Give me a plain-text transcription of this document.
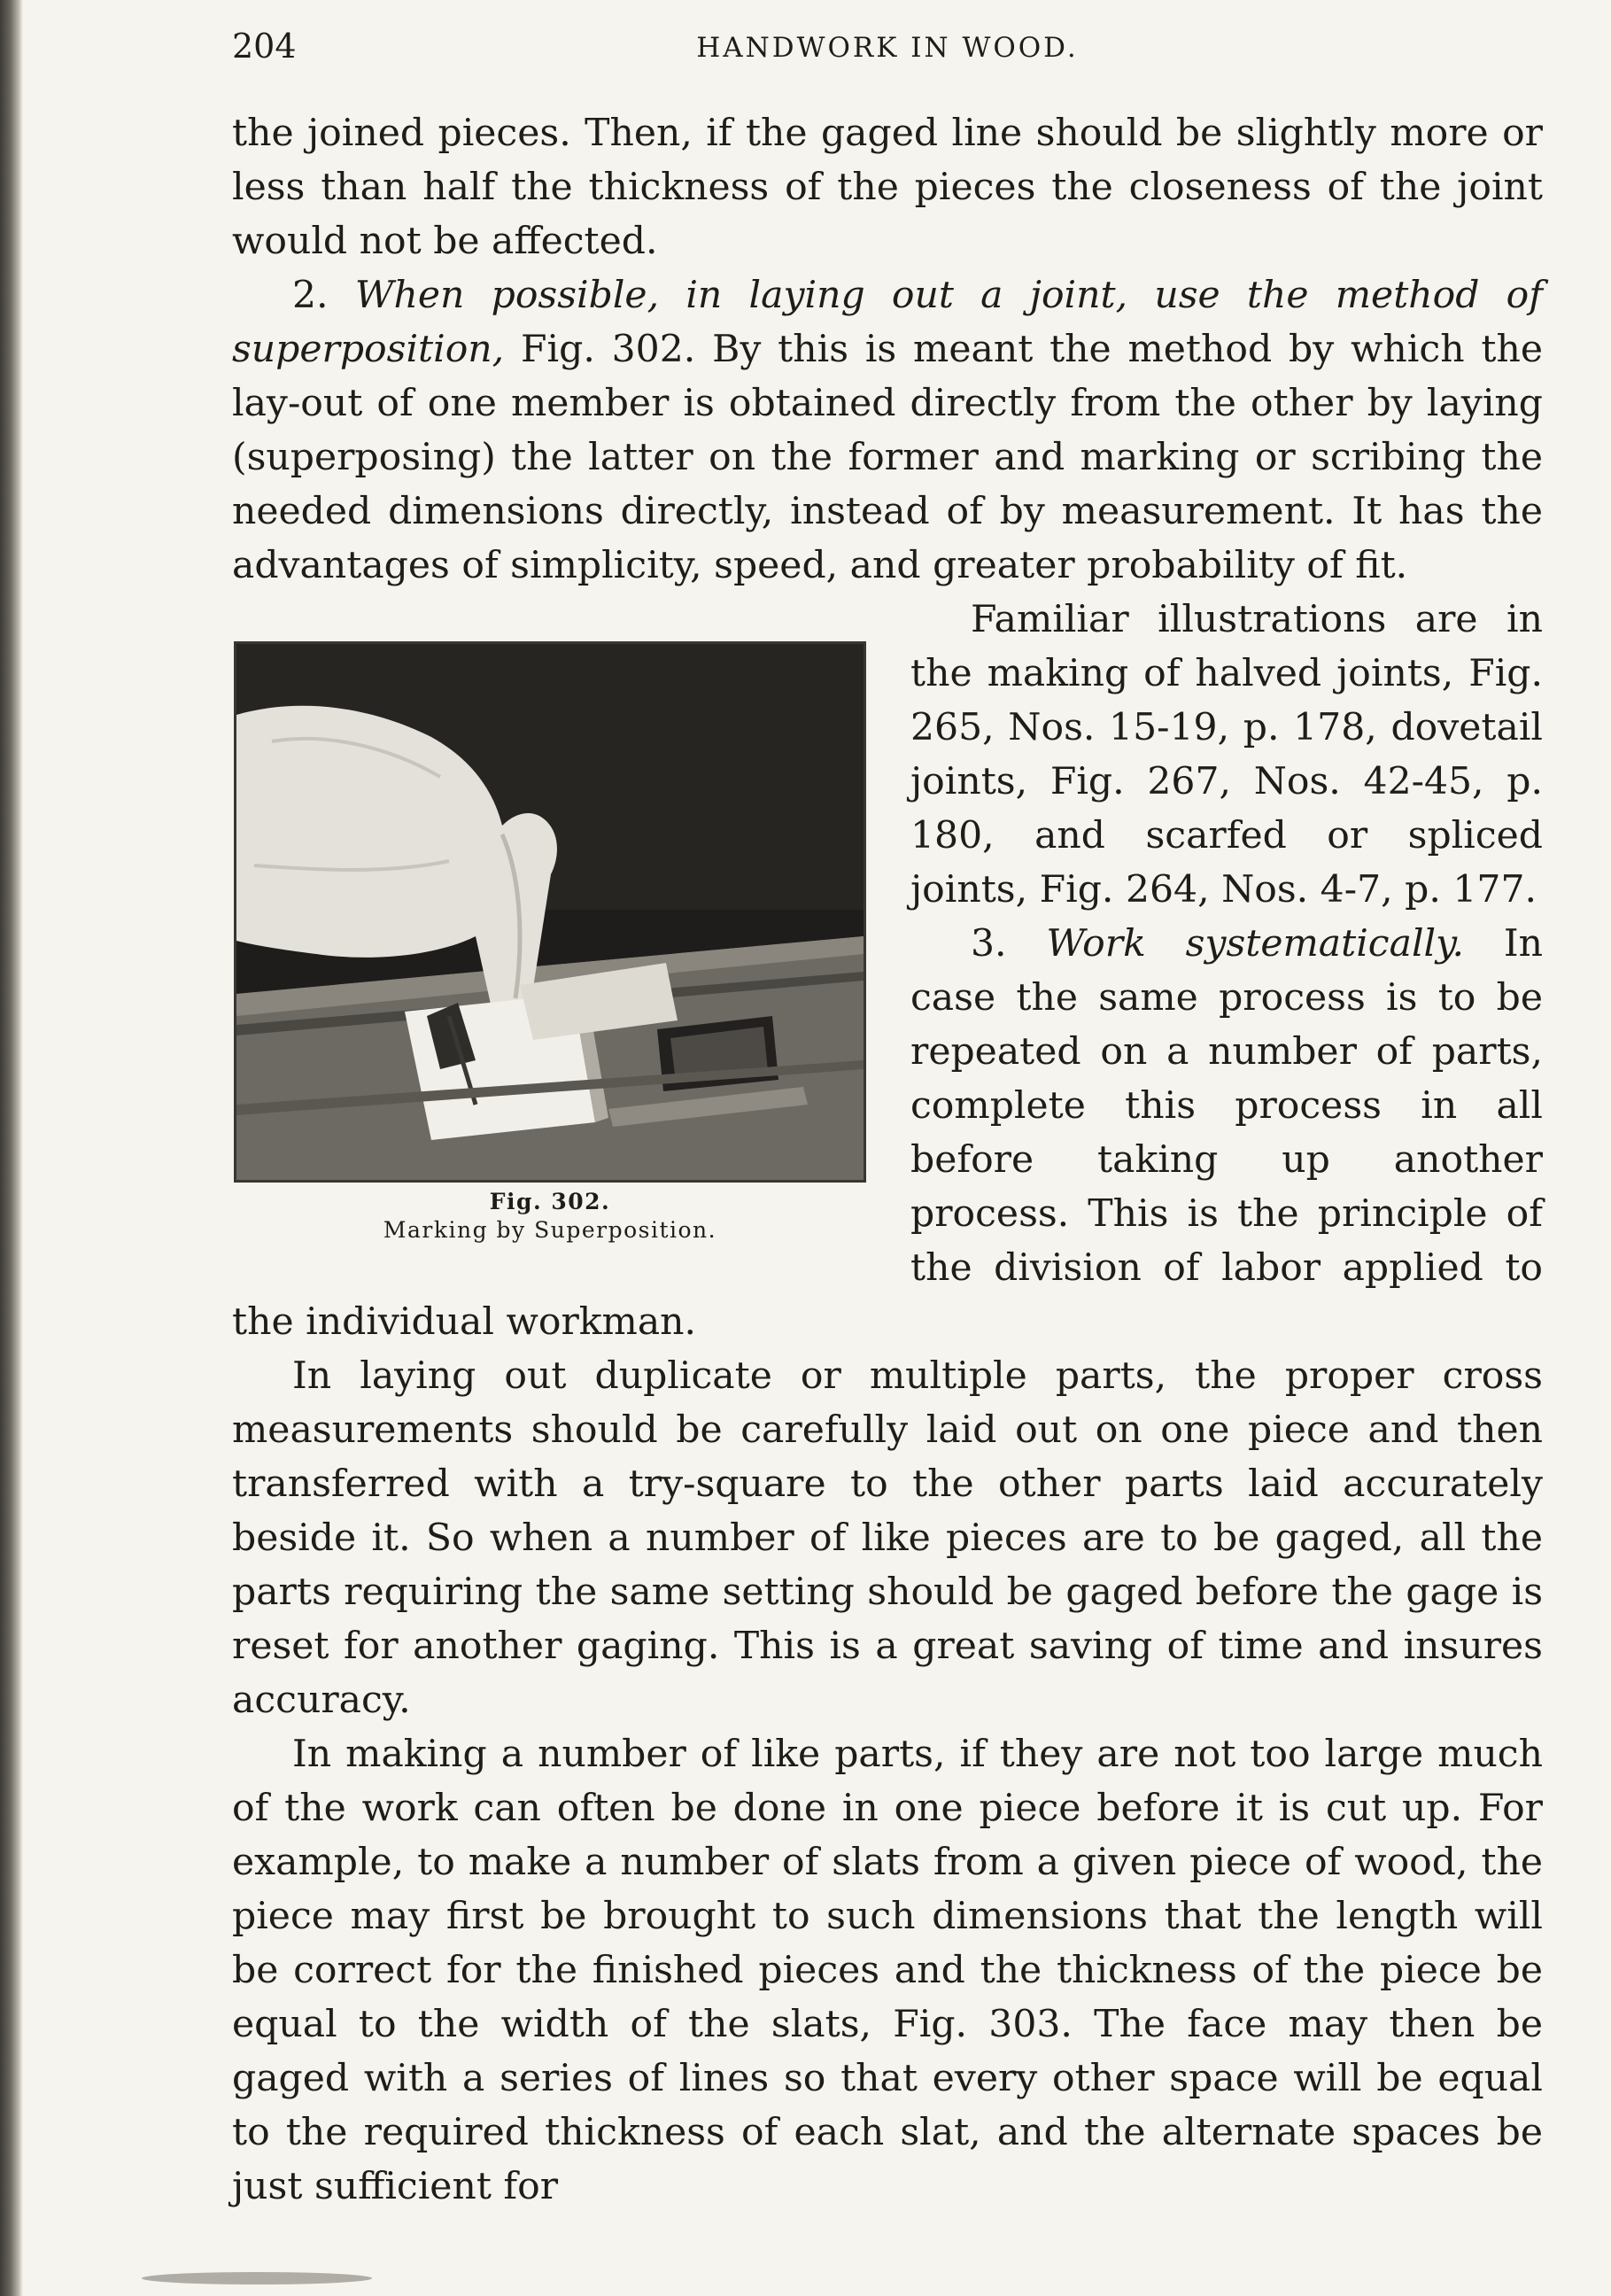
204	HANDWORK IN WOOD.

the joined pieces. Then, if the gaged line should be slightly more or less than half the thickness of the pieces the closeness of the joint would not be affected.

2. When possible, in laying out a joint, use the method of superposition, Fig. 302. By this is meant the method by which the lay-out of one member is obtained directly from the other by laying (superposing) the latter on the former and marking or scribing the needed dimensions directly, instead of by measurement. It has the advantages of simplicity, speed, and greater probability of fit.

Fig. 302.
Marking by Superposition.

Familiar illustrations are in the making of halved joints, Fig. 265, Nos. 15-19, p. 178, dovetail joints, Fig. 267, Nos. 42-45, p. 180, and scarfed or spliced joints, Fig. 264, Nos. 4-7, p. 177.

3. Work systematically. In case the same process is to be repeated on a number of parts, complete this process in all before taking up another process. This is the principle of the division of labor applied to the individual workman.

In laying out duplicate or multiple parts, the proper cross measurements should be carefully laid out on one piece and then transferred with a try-square to the other parts laid accurately beside it. So when a number of like pieces are to be gaged, all the parts requiring the same setting should be gaged before the gage is reset for another gaging. This is a great saving of time and insures accuracy.

In making a number of like parts, if they are not too large much of the work can often be done in one piece before it is cut up. For example, to make a number of slats from a given piece of wood, the piece may first be brought to such dimensions that the length will be correct for the finished pieces and the thickness of the piece be equal to the width of the slats, Fig. 303. The face may then be gaged with a series of lines so that every other space will be equal to the required thickness of each slat, and the alternate spaces be just sufficient for
